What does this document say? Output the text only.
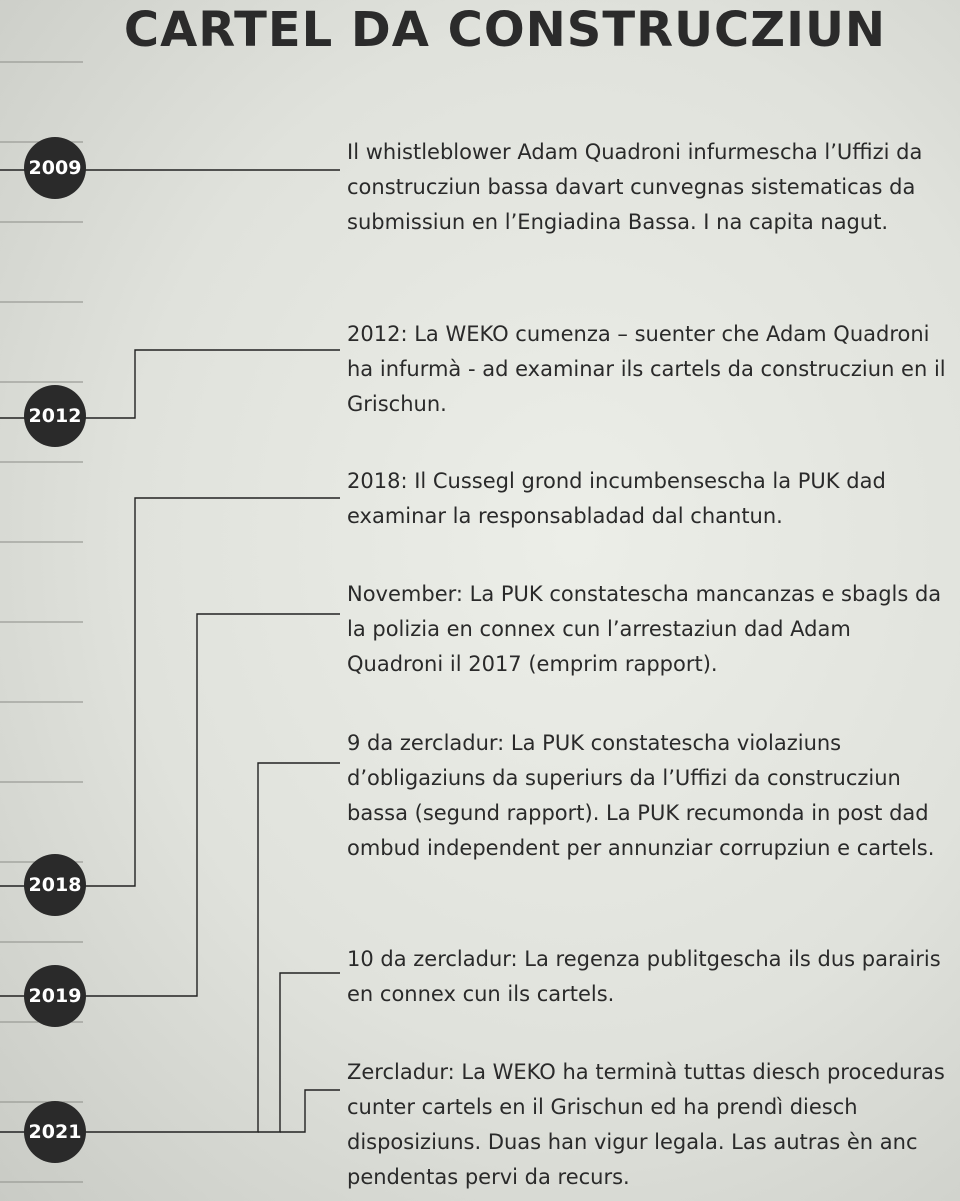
CARTEL DA CONSTRUCZIUN
2009
2012
2018
2019
2021

Il whistleblower Adam Quadroni infurmescha l’Uffizi da construcziun bassa davart cunvegnas sistematicas da submissiun en l’Engiadina Bassa. I na capita nagut.

2012: La WEKO cumenza – suenter che Adam Quadroni ha infurmà - ad examinar ils cartels da construcziun en il Grischun.

2018: Il Cussegl grond incumbensescha la PUK dad examinar la responsabladad dal chantun.

November: La PUK constatescha mancanzas e sbagls da la polizia en connex cun l’arrestaziun dad Adam Quadroni il 2017 (emprim rapport).

9 da zercladur: La PUK constatescha violaziuns d’obligaziuns da superiurs da l’Uffizi da construcziun bassa (segund rapport). La PUK recumonda in post dad ombud independent per annunziar corrupziun e cartels.

10 da zercladur: La regenza publitgescha ils dus parairis en connex cun ils cartels.

Zercladur: La WEKO ha terminà tuttas diesch proceduras cunter cartels en il Grischun ed ha prendì diesch disposiziuns. Duas han vigur legala. Las autras èn anc pendentas pervi da recurs.
